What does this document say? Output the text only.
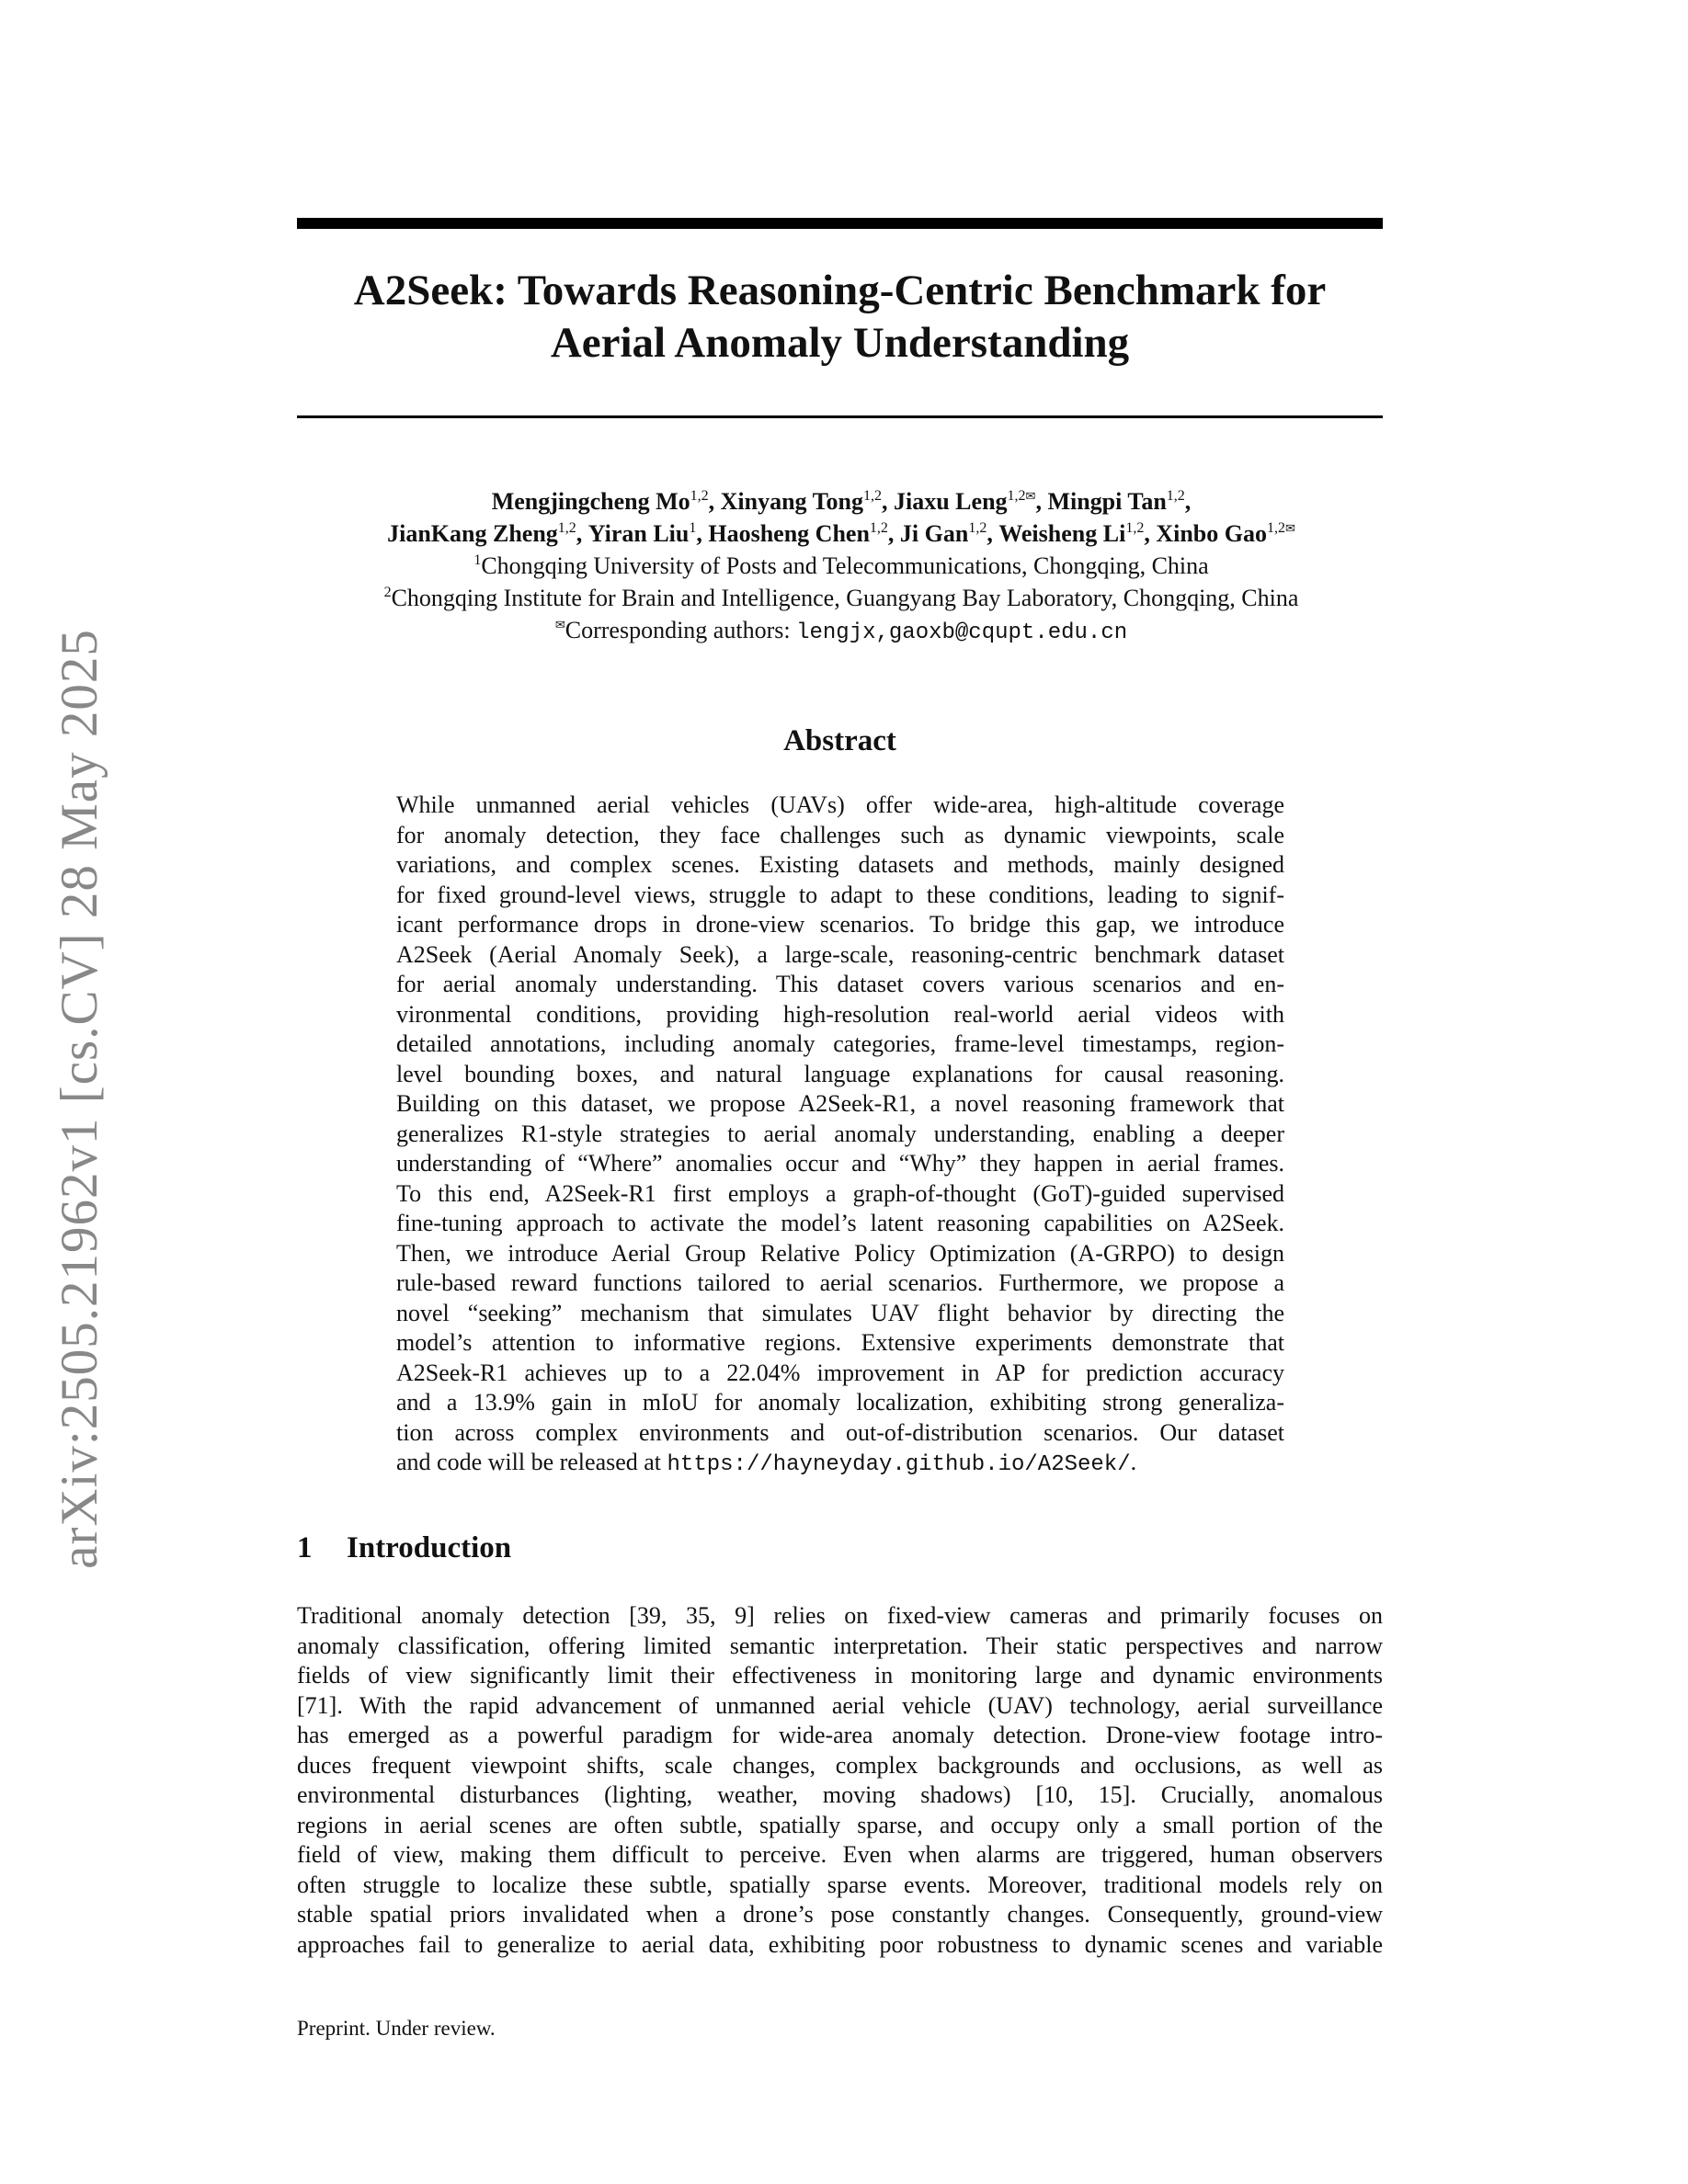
arXiv:2505.21962v1 [cs.CV] 28 May 2025
A2Seek: Towards Reasoning-Centric Benchmark for
Aerial Anomaly Understanding
Mengjingcheng Mo$^{1,2}$, Xinyang Tong$^{1,2}$, Jiaxu Leng$^{1,2✉}$, Mingpi Tan$^{1,2}$,
JianKang Zheng$^{1,2}$, Yiran Liu$^1$, Haosheng Chen$^{1,2}$, Ji Gan$^{1,2}$, Weisheng Li$^{1,2}$, Xinbo Gao$^{1,2✉}$
$^1$Chongqing University of Posts and Telecommunications, Chongqing, China
$^2$Chongqing Institute for Brain and Intelligence, Guangyang Bay Laboratory, Chongqing, China
✉Corresponding authors: lengjx,gaoxb@cqupt.edu.cn
Abstract
While unmanned aerial vehicles (UAVs) offer wide-area, high-altitude coverage
for anomaly detection, they face challenges such as dynamic viewpoints, scale
variations, and complex scenes. Existing datasets and methods, mainly designed
for fixed ground-level views, struggle to adapt to these conditions, leading to signif-
icant performance drops in drone-view scenarios. To bridge this gap, we introduce
A2Seek (Aerial Anomaly Seek), a large-scale, reasoning-centric benchmark dataset
for aerial anomaly understanding. This dataset covers various scenarios and en-
vironmental conditions, providing high-resolution real-world aerial videos with
detailed annotations, including anomaly categories, frame-level timestamps, region-
level bounding boxes, and natural language explanations for causal reasoning.
Building on this dataset, we propose A2Seek-R1, a novel reasoning framework that
generalizes R1-style strategies to aerial anomaly understanding, enabling a deeper
understanding of “Where” anomalies occur and “Why” they happen in aerial frames.
To this end, A2Seek-R1 first employs a graph-of-thought (GoT)-guided supervised
fine-tuning approach to activate the model’s latent reasoning capabilities on A2Seek.
Then, we introduce Aerial Group Relative Policy Optimization (A-GRPO) to design
rule-based reward functions tailored to aerial scenarios. Furthermore, we propose a
novel “seeking” mechanism that simulates UAV flight behavior by directing the
model’s attention to informative regions. Extensive experiments demonstrate that
A2Seek-R1 achieves up to a 22.04% improvement in AP for prediction accuracy
and a 13.9% gain in mIoU for anomaly localization, exhibiting strong generaliza-
tion across complex environments and out-of-distribution scenarios. Our dataset
and code will be released at https://hayneyday.github.io/A2Seek/.
1 Introduction
Traditional anomaly detection [39, 35, 9] relies on fixed-view cameras and primarily focuses on
anomaly classification, offering limited semantic interpretation. Their static perspectives and narrow
fields of view significantly limit their effectiveness in monitoring large and dynamic environments
[71]. With the rapid advancement of unmanned aerial vehicle (UAV) technology, aerial surveillance
has emerged as a powerful paradigm for wide-area anomaly detection. Drone-view footage intro-
duces frequent viewpoint shifts, scale changes, complex backgrounds and occlusions, as well as
environmental disturbances (lighting, weather, moving shadows) [10, 15]. Crucially, anomalous
regions in aerial scenes are often subtle, spatially sparse, and occupy only a small portion of the
field of view, making them difficult to perceive. Even when alarms are triggered, human observers
often struggle to localize these subtle, spatially sparse events. Moreover, traditional models rely on
stable spatial priors invalidated when a drone’s pose constantly changes. Consequently, ground-view
approaches fail to generalize to aerial data, exhibiting poor robustness to dynamic scenes and variable
Preprint. Under review.
